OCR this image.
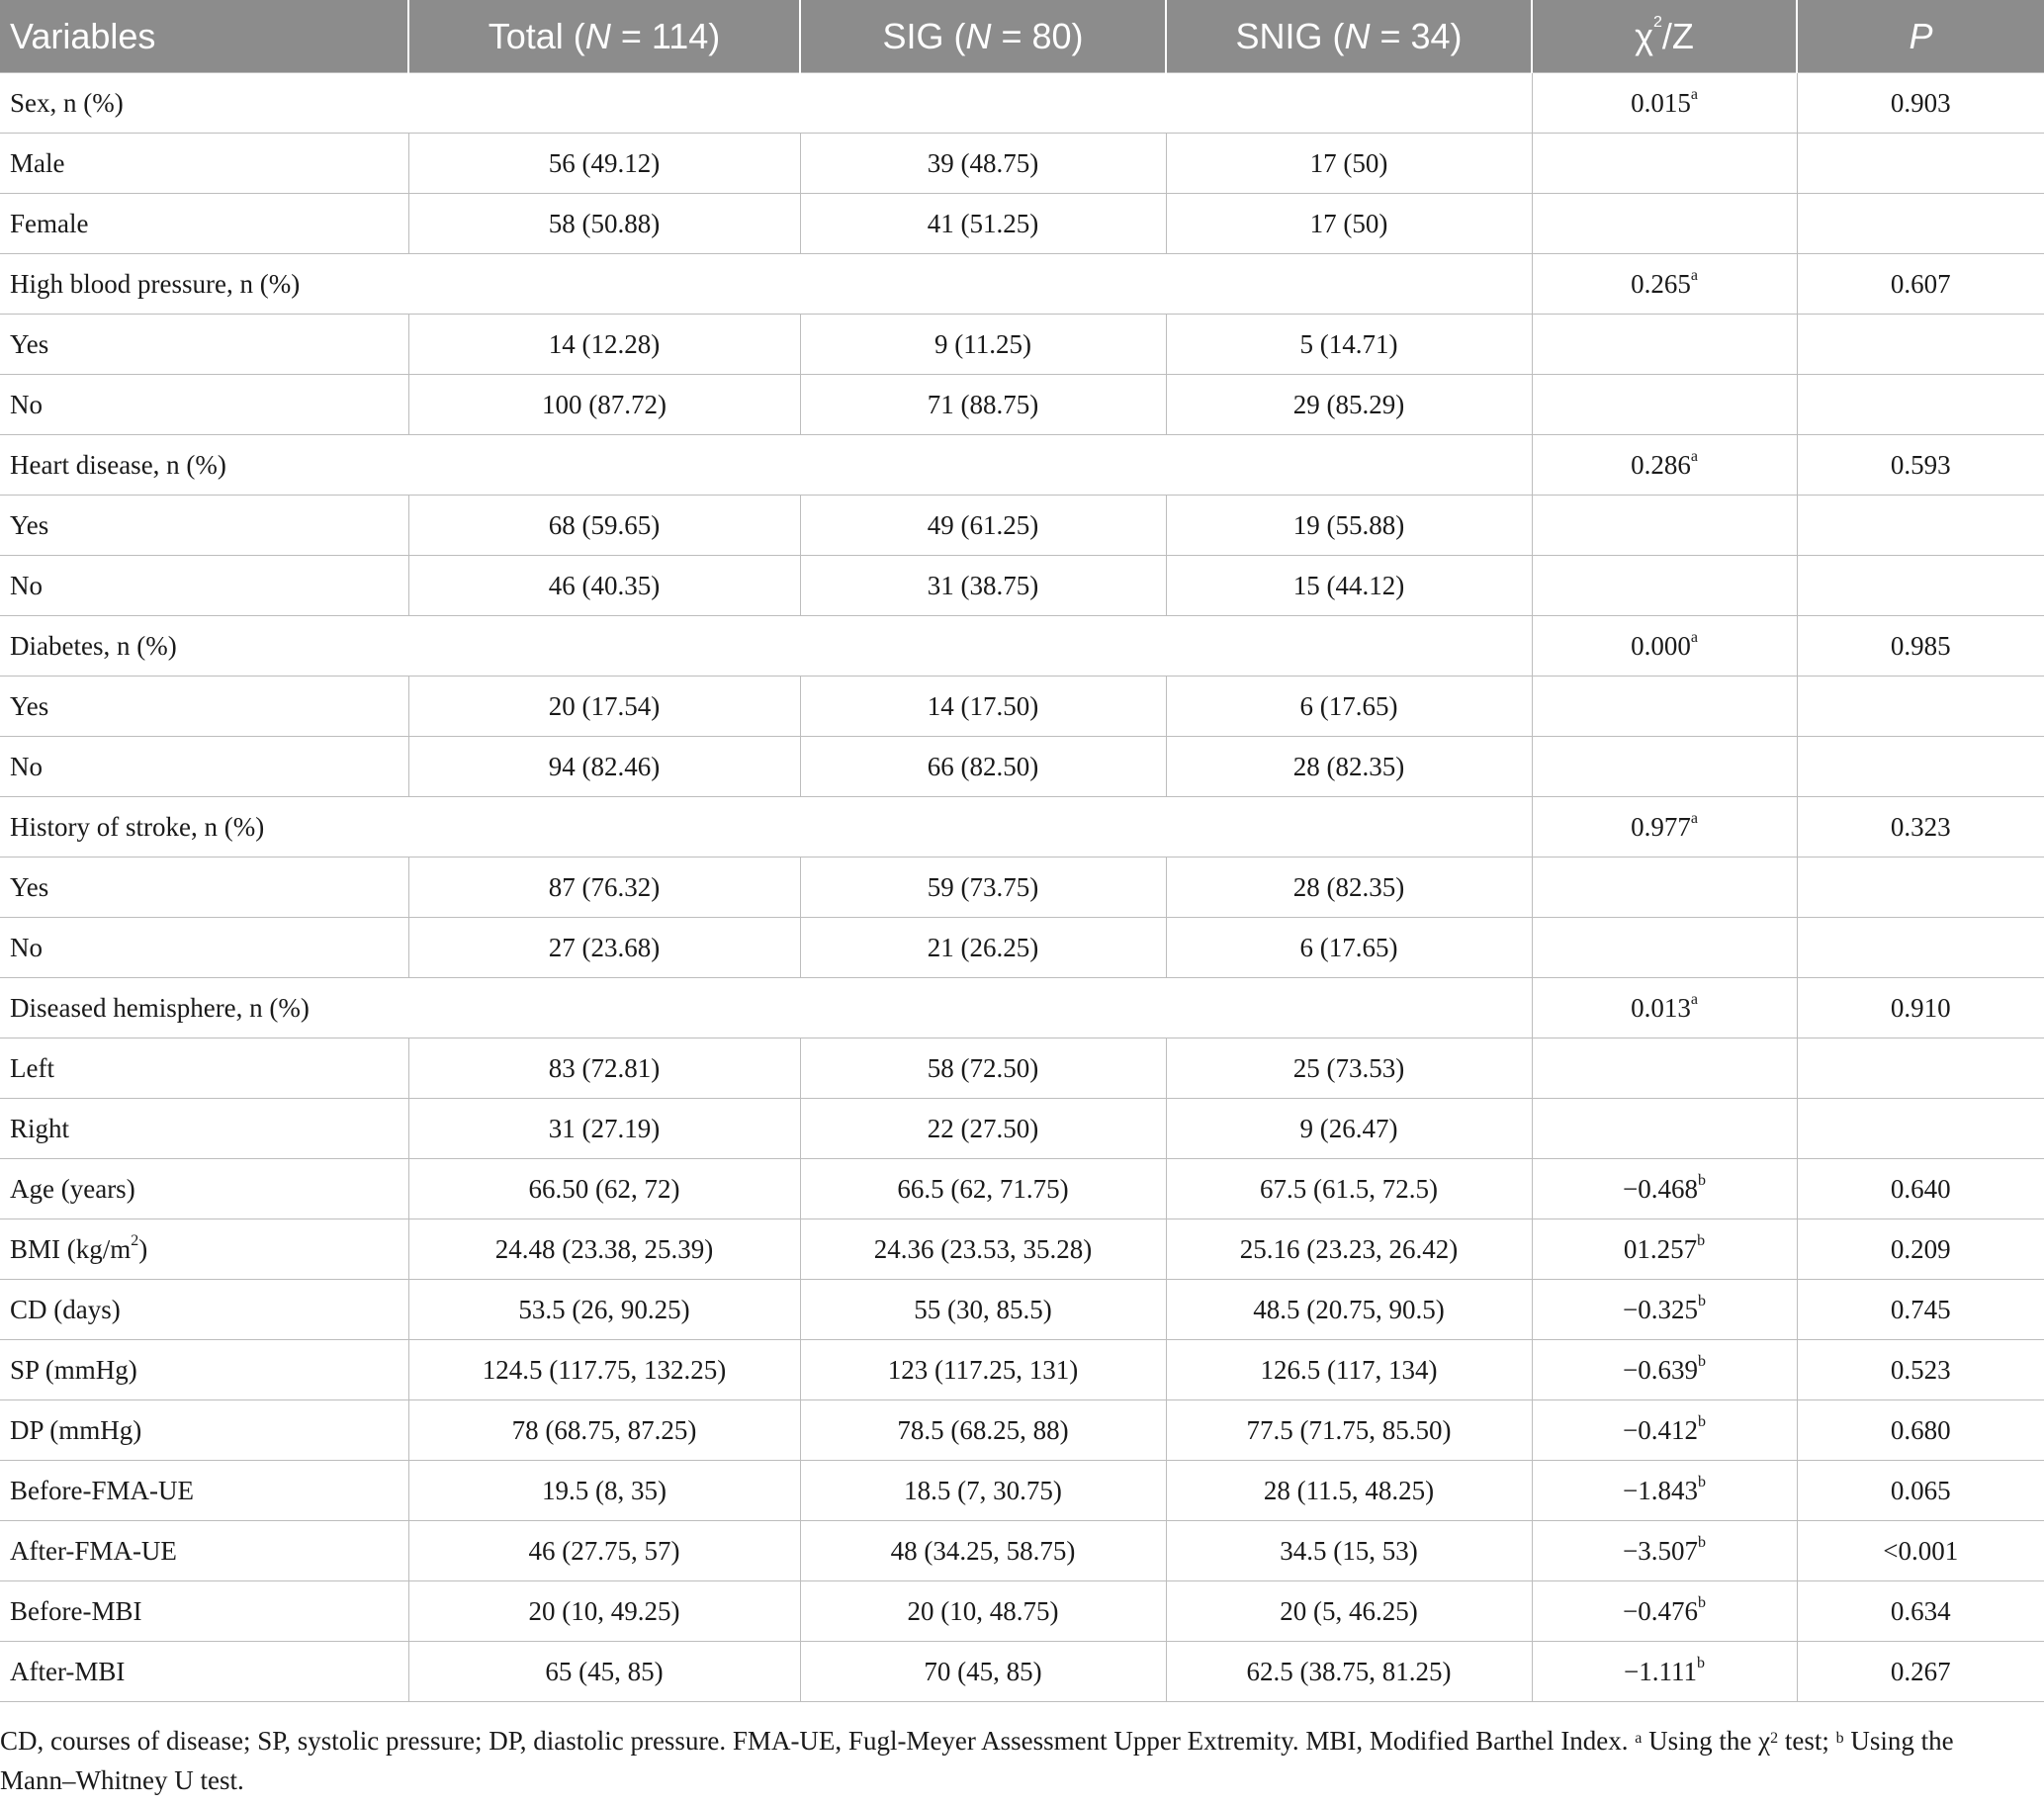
Variables	Total (N = 114)	SIG (N = 80)	SNIG (N = 34)	$\chi^2/Z$	P
Sex, n (%)				0.015$^a$	0.903
Male	56 (49.12)	39 (48.75)	17 (50)		
Female	58 (50.88)	41 (51.25)	17 (50)		
High blood pressure, n (%)				0.265$^a$	0.607
Yes	14 (12.28)	9 (11.25)	5 (14.71)		
No	100 (87.72)	71 (88.75)	29 (85.29)		
Heart disease, n (%)				0.286$^a$	0.593
Yes	68 (59.65)	49 (61.25)	19 (55.88)		
No	46 (40.35)	31 (38.75)	15 (44.12)		
Diabetes, n (%)				0.000$^a$	0.985
Yes	20 (17.54)	14 (17.50)	6 (17.65)		
No	94 (82.46)	66 (82.50)	28 (82.35)		
History of stroke, n (%)				0.977$^a$	0.323
Yes	87 (76.32)	59 (73.75)	28 (82.35)		
No	27 (23.68)	21 (26.25)	6 (17.65)		
Diseased hemisphere, n (%)				0.013$^a$	0.910
Left	83 (72.81)	58 (72.50)	25 (73.53)		
Right	31 (27.19)	22 (27.50)	9 (26.47)		
Age (years)	66.50 (62, 72)	66.5 (62, 71.75)	67.5 (61.5, 72.5)	−0.468$^b$	0.640
BMI $(kg/m^2)$	24.48 (23.38, 25.39)	24.36 (23.53, 35.28)	25.16 (23.23, 26.42)	01.257$^b$	0.209
CD (days)	53.5 (26, 90.25)	55 (30, 85.5)	48.5 (20.75, 90.5)	−0.325$^b$	0.745
SP (mmHg)	124.5 (117.75, 132.25)	123 (117.25, 131)	126.5 (117, 134)	−0.639$^b$	0.523
DP (mmHg)	78 (68.75, 87.25)	78.5 (68.25, 88)	77.5 (71.75, 85.50)	−0.412$^b$	0.680
Before-FMA-UE	19.5 (8, 35)	18.5 (7, 30.75)	28 (11.5, 48.25)	−1.843$^b$	0.065
After-FMA-UE	46 (27.75, 57)	48 (34.25, 58.75)	34.5 (15, 53)	−3.507$^b$	<0.001
Before-MBI	20 (10, 49.25)	20 (10, 48.75)	20 (5, 46.25)	−0.476$^b$	0.634
After-MBI	65 (45, 85)	70 (45, 85)	62.5 (38.75, 81.25)	−1.111$^b$	0.267
CD, courses of disease; SP, systolic pressure; DP, diastolic pressure. FMA-UE, Fugl-Meyer Assessment Upper Extremity. MBI, Modified Barthel Index. $^a$ Using the $\chi^2$ test; $^b$ Using the Mann–Whitney U test.
